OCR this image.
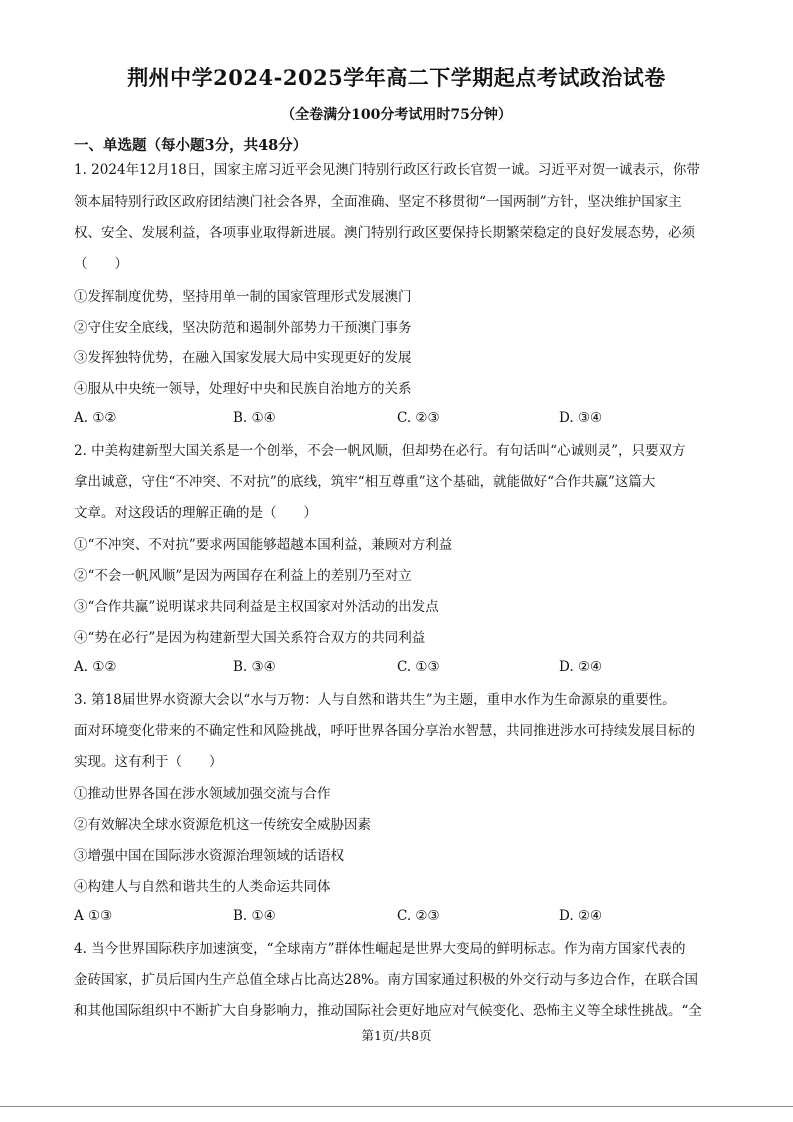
荆州中学2024-2025学年高二下学期起点考试政治试卷
（全卷满分100分考试用时75分钟）
一、单选题（每小题3分，共48分）
1. 2024年12月18日，国家主席习近平会见澳门特别行政区行政长官贺一诚。习近平对贺一诚表示，你带
领本届特别行政区政府团结澳门社会各界，全面准确、坚定不移贯彻“一国两制”方针，坚决维护国家主
权、安全、发展利益，各项事业取得新进展。澳门特别行政区要保持长期繁荣稳定的良好发展态势，必须
（　　）
①发挥制度优势，坚持用单一制的国家管理形式发展澳门
②守住安全底线，坚决防范和遏制外部势力干预澳门事务
③发挥独特优势，在融入国家发展大局中实现更好的发展
④服从中央统一领导，处理好中央和民族自治地方的关系
A. ①②	B. ①④	C. ②③	D. ③④
2. 中美构建新型大国关系是一个创举，不会一帆风顺，但却势在必行。有句话叫“心诚则灵”，只要双方
拿出诚意，守住“不冲突、不对抗”的底线，筑牢“相互尊重”这个基础，就能做好“合作共赢”这篇大
文章。对这段话的理解正确的是（　　）
①“不冲突、不对抗”要求两国能够超越本国利益，兼顾对方利益
②“不会一帆风顺”是因为两国存在利益上的差别乃至对立
③“合作共赢”说明谋求共同利益是主权国家对外活动的出发点
④“势在必行”是因为构建新型大国关系符合双方的共同利益
A. ①②	B. ③④	C. ①③	D. ②④
3. 第18届世界水资源大会以“水与万物：人与自然和谐共生”为主题，重申水作为生命源泉的重要性。
面对环境变化带来的不确定性和风险挑战，呼吁世界各国分享治水智慧，共同推进涉水可持续发展目标的
实现。这有利于（　　）
①推动世界各国在涉水领域加强交流与合作
②有效解决全球水资源危机这一传统安全威胁因素
③增强中国在国际涉水资源治理领域的话语权
④构建人与自然和谐共生的人类命运共同体
A ①③	B. ①④	C. ②③	D. ②④
4. 当今世界国际秩序加速演变，“全球南方”群体性崛起是世界大变局的鲜明标志。作为南方国家代表的
金砖国家，扩员后国内生产总值全球占比高达28%。南方国家通过积极的外交行动与多边合作，在联合国
和其他国际组织中不断扩大自身影响力，推动国际社会更好地应对气候变化、恐怖主义等全球性挑战。“全
第1页/共8页
